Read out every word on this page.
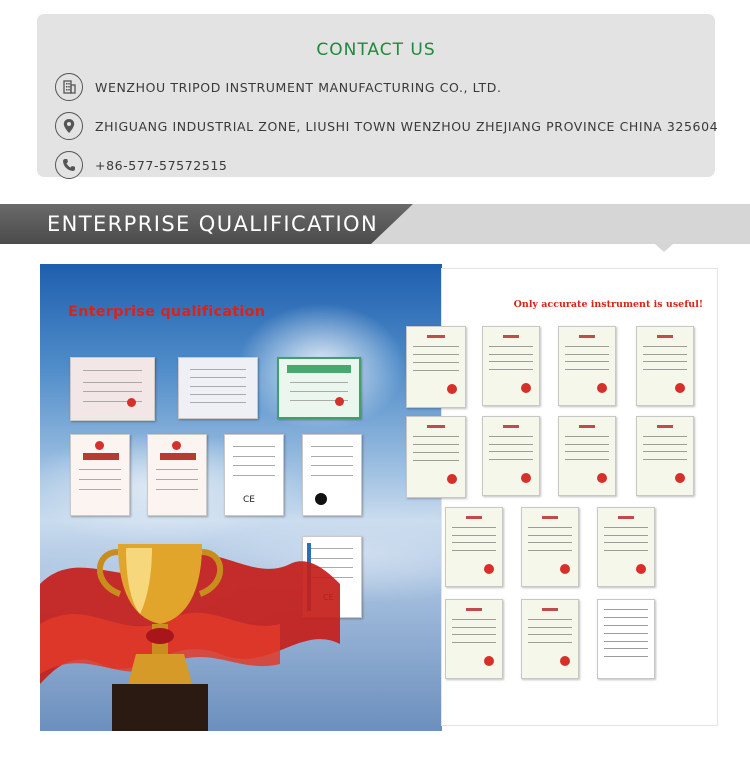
CONTACT US
WENZHOU TRIPOD INSTRUMENT MANUFACTURING CO., LTD.
ZHIGUANG INDUSTRIAL ZONE, LIUSHI TOWN WENZHOU ZHEJIANG PROVINCE CHINA 325604
+86-577-57572515
ENTERPRISE QUALIFICATION
Enterprise qualification
CE
Only accurate instrument is useful!
